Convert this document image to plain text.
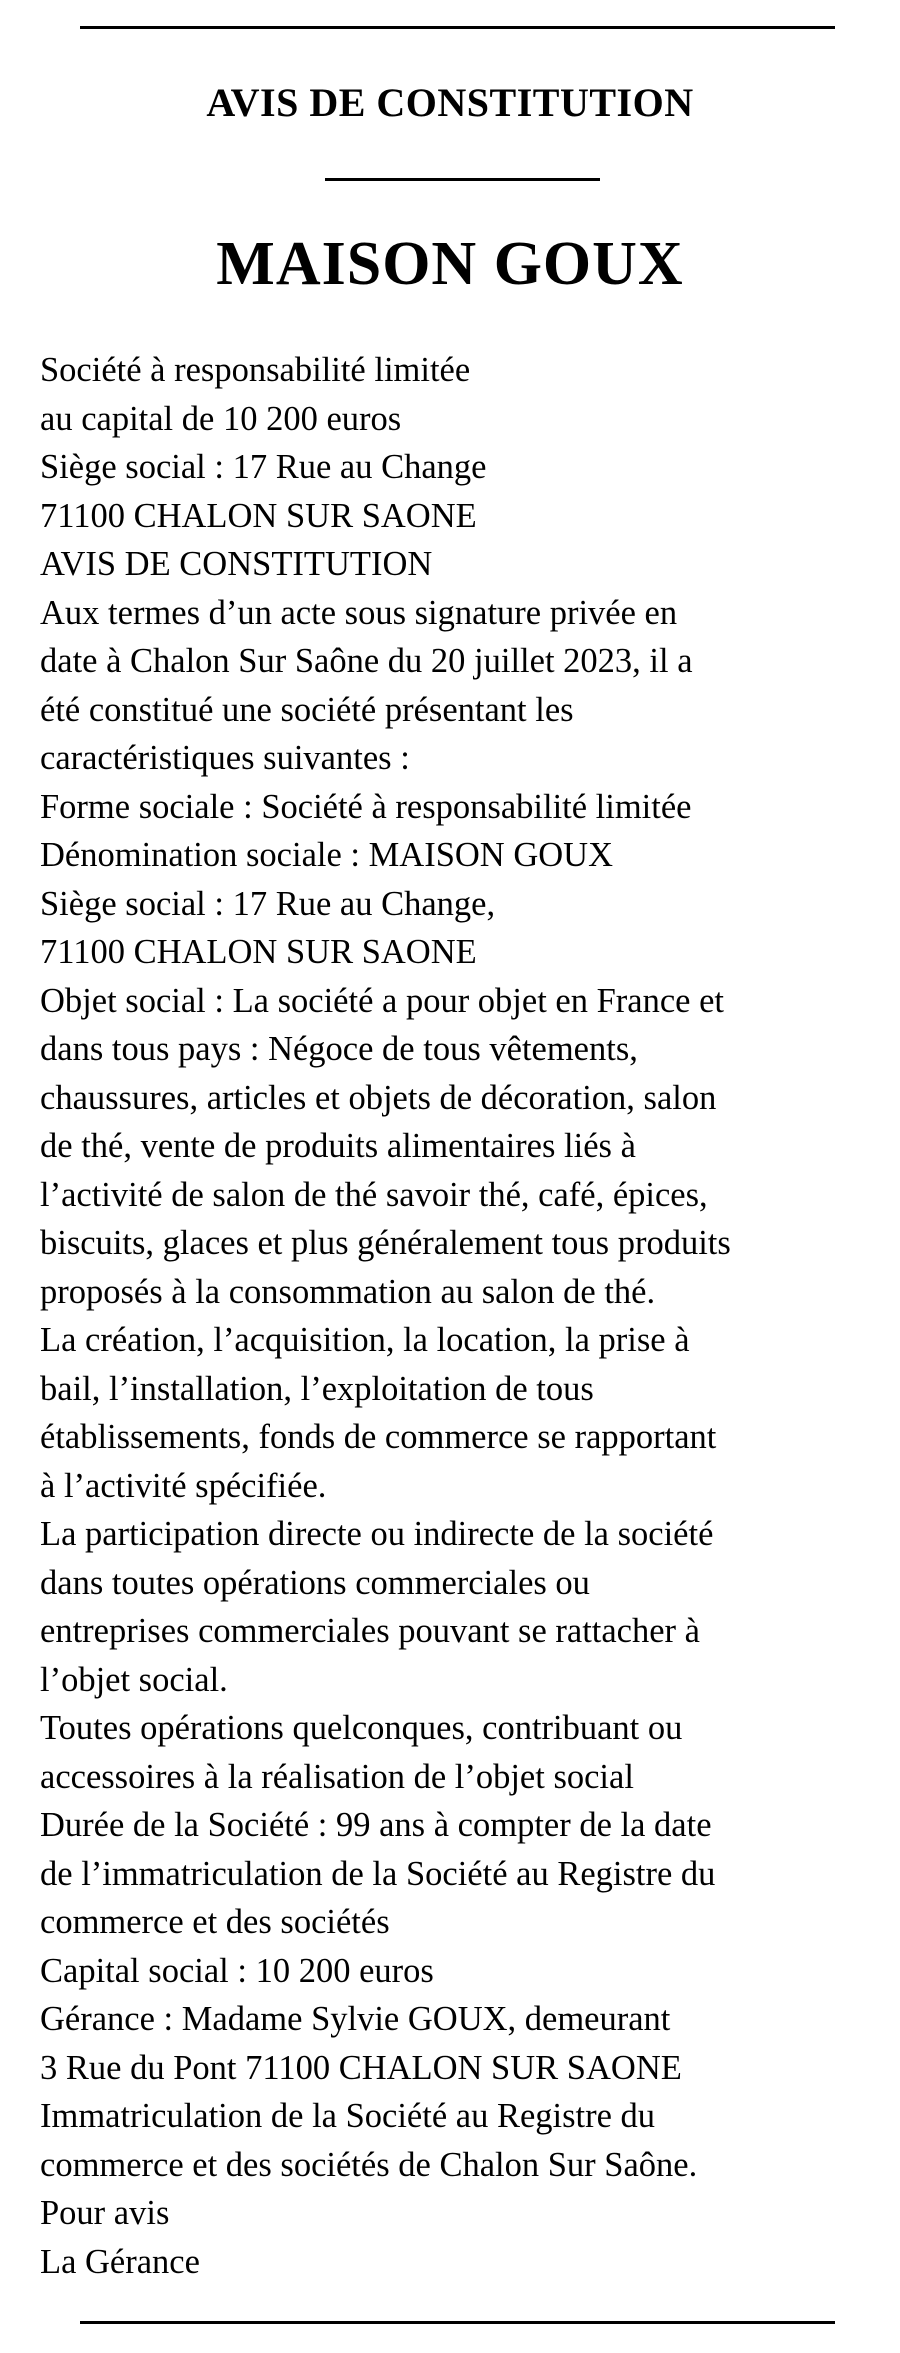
AVIS DE CONSTITUTION
MAISON GOUX
Société à responsabilité limitée
au capital de 10 200 euros
Siège social : 17 Rue au Change
71100 CHALON SUR SAONE
AVIS DE CONSTITUTION
Aux termes d’un acte sous signature privée en
date à Chalon Sur Saône du 20 juillet 2023, il a
été constitué une société présentant les
caractéristiques suivantes :
Forme sociale : Société à responsabilité limitée
Dénomination sociale : MAISON GOUX
Siège social : 17 Rue au Change,
71100 CHALON SUR SAONE
Objet social : La société a pour objet en France et
dans tous pays : Négoce de tous vêtements,
chaussures, articles et objets de décoration, salon
de thé, vente de produits alimentaires liés à
l’activité de salon de thé savoir thé, café, épices,
biscuits, glaces et plus généralement tous produits
proposés à la consommation au salon de thé.
La création, l’acquisition, la location, la prise à
bail, l’installation, l’exploitation de tous
établissements, fonds de commerce se rapportant
à l’activité spécifiée.
La participation directe ou indirecte de la société
dans toutes opérations commerciales ou
entreprises commerciales pouvant se rattacher à
l’objet social.
Toutes opérations quelconques, contribuant ou
accessoires à la réalisation de l’objet social
Durée de la Société : 99 ans à compter de la date
de l’immatriculation de la Société au Registre du
commerce et des sociétés
Capital social : 10 200 euros
Gérance : Madame Sylvie GOUX, demeurant
3 Rue du Pont 71100 CHALON SUR SAONE
Immatriculation de la Société au Registre du
commerce et des sociétés de Chalon Sur Saône.
Pour avis
La Gérance
